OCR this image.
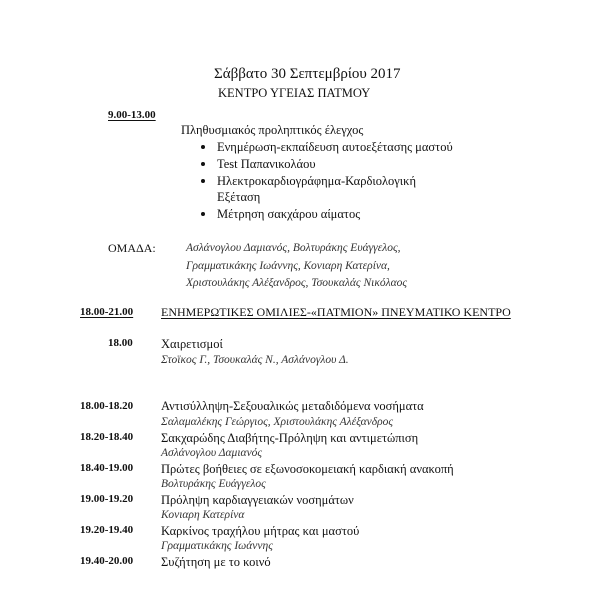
Σάββατο 30 Σεπτεμβρίου 2017
ΚΕΝΤΡΟ ΥΓΕΙΑΣ ΠΑΤΜΟΥ
9.00-13.00
Πληθυσμιακός προληπτικός έλεγχος
Ενημέρωση-εκπαίδευση αυτοεξέτασης μαστού
Test Παπανικολάου
Ηλεκτροκαρδιογράφημα-Καρδιολογική
Εξέταση
Μέτρηση σακχάρου αίματος
ΟΜΑΔΑ:	Ασλάνογλου Δαμιανός, Βολτυράκης Ευάγγελος,
Γραμματικάκης Ιωάννης, Κονιαρη Κατερίνα,
Χριστουλάκης Αλέξανδρος, Τσουκαλάς Νικόλαος
18.00-21.00 ΕΝΗΜΕΡΩΤΙΚΕΣ ΟΜΙΛΙΕΣ-«ΠΑΤΜΙΟΝ» ΠΝΕΥΜΑΤΙΚΟ ΚΕΝΤΡΟ
18.00 Χαιρετισμοί
Στοϊκος Γ., Τσουκαλάς Ν., Ασλάνογλου Δ.
18.00-18.20 Αντισύλληψη-Σεξουαλικώς μεταδιδόμενα νοσήματα
Σαλαμαλέκης Γεώργιος, Χριστουλάκης Αλέξανδρος
18.20-18.40 Σακχαρώδης Διαβήτης-Πρόληψη και αντιμετώπιση
Ασλάνογλου Δαμιανός
18.40-19.00 Πρώτες βοήθειες σε εξωνοσοκομειακή καρδιακή ανακοπή
Βολτυράκης Ευάγγελος
19.00-19.20 Πρόληψη καρδιαγγειακών νοσημάτων
Κονιαρη Κατερίνα
19.20-19.40 Καρκίνος τραχήλου μήτρας και μαστού
Γραμματικάκης Ιωάννης
19.40-20.00 Συζήτηση με το κοινό
